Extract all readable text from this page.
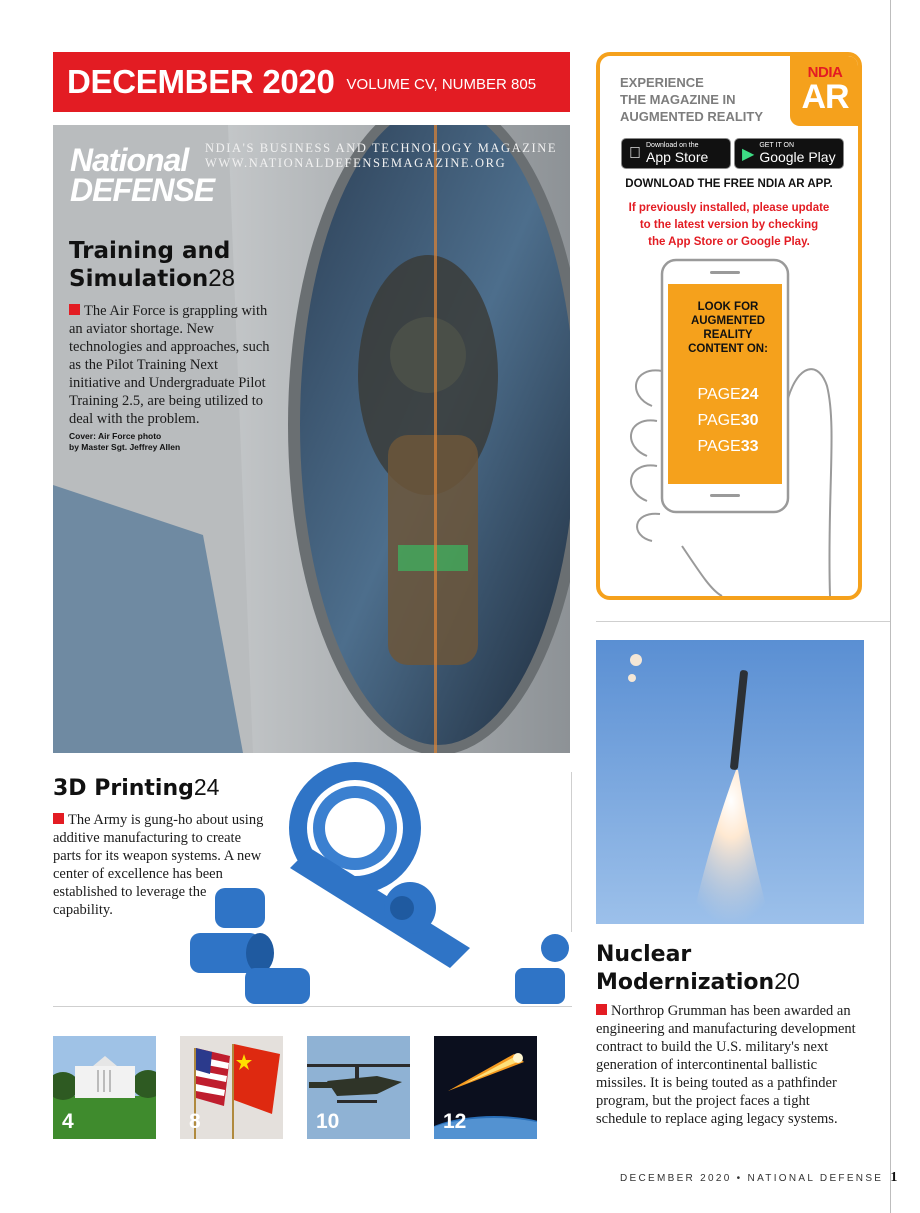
DECEMBER 2020 VOLUME CV, NUMBER 805
National
DEFENSE
NDIA'S BUSINESS AND TECHNOLOGY MAGAZINE
WWW.NATIONALDEFENSEMAGAZINE.ORG
Training and
Simulation28
The Air Force is grappling with an aviator shortage. New technologies and approaches, such as the Pilot Training Next initiative and Undergraduate Pilot Training 2.5, are being utilized to deal with the problem.
Cover: Air Force photo
by Master Sgt. Jeffrey Allen
EXPERIENCE
THE MAGAZINE IN
AUGMENTED REALITY
NDIA
AR
Download on the
App Store	▶ GET IT ON
Google Play
DOWNLOAD THE FREE NDIA AR APP.
If previously installed, please update
to the latest version by checking
the App Store or Google Play.
LOOK FOR
AUGMENTED
REALITY
CONTENT ON:
PAGE24
PAGE30
PAGE33
3D Printing24
The Army is gung-ho about using additive manufacturing to create parts for its weapon systems. A new center of excellence has been established to leverage the capability.
4	8	10	12
Nuclear
Modernization20
Northrop Grumman has been awarded an engineering and manufacturing development contract to build the U.S. military's next generation of intercontinental ballistic missiles. It is being touted as a pathfinder program, but the project faces a tight schedule to replace aging legacy systems.
DECEMBER 2020 • NATIONAL DEFENSE 1
